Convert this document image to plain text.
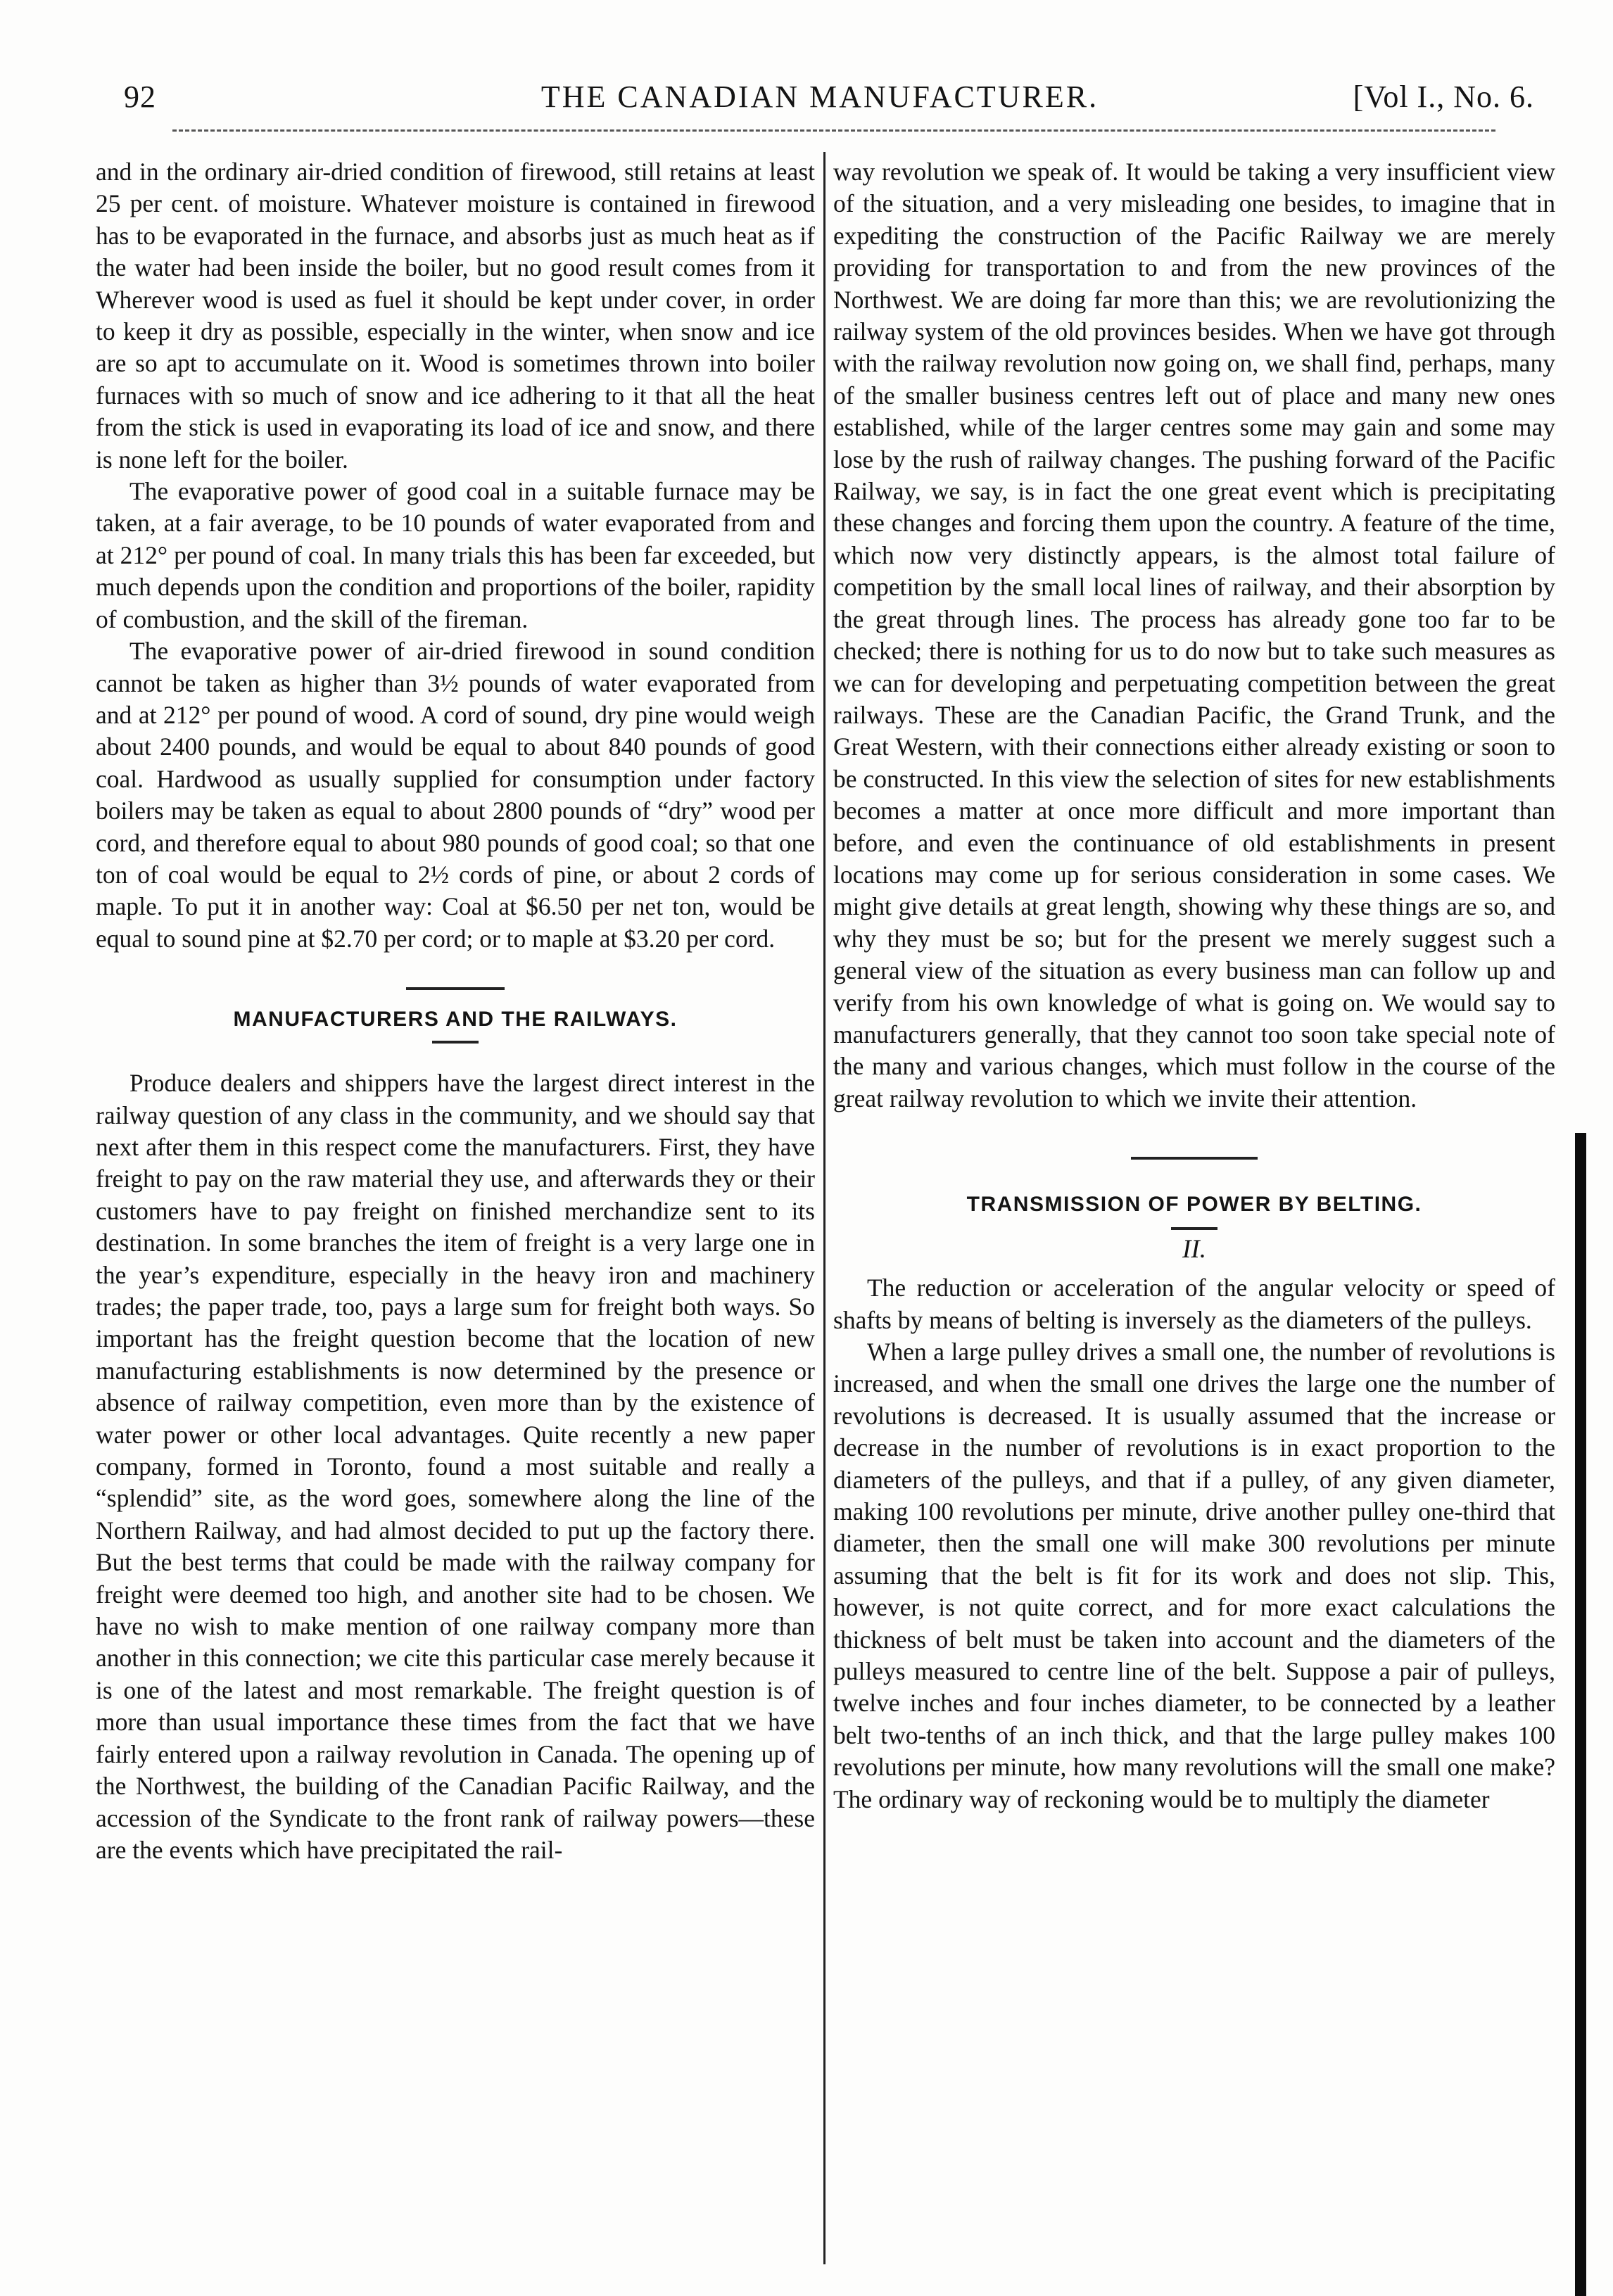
92	THE CANADIAN MANUFACTURER.	[Vol I., No. 6.

and in the ordinary air-dried condition of firewood, still retains at least 25 per cent. of moisture. Whatever moisture is contained in firewood has to be evaporated in the furnace, and absorbs just as much heat as if the water had been inside the boiler, but no good result comes from it Wherever wood is used as fuel it should be kept under cover, in order to keep it dry as possible, especially in the winter, when snow and ice are so apt to accumulate on it. Wood is sometimes thrown into boiler furnaces with so much of snow and ice adhering to it that all the heat from the stick is used in evaporating its load of ice and snow, and there is none left for the boiler.

The evaporative power of good coal in a suitable furnace may be taken, at a fair average, to be 10 pounds of water evaporated from and at 212° per pound of coal. In many trials this has been far exceeded, but much depends upon the condition and proportions of the boiler, rapidity of combustion, and the skill of the fireman.

The evaporative power of air-dried firewood in sound condition cannot be taken as higher than 3½ pounds of water evaporated from and at 212° per pound of wood. A cord of sound, dry pine would weigh about 2400 pounds, and would be equal to about 840 pounds of good coal. Hardwood as usually supplied for consumption under factory boilers may be taken as equal to about 2800 pounds of “dry” wood per cord, and therefore equal to about 980 pounds of good coal; so that one ton of coal would be equal to 2½ cords of pine, or about 2 cords of maple. To put it in another way: Coal at $6.50 per net ton, would be equal to sound pine at $2.70 per cord; or to maple at $3.20 per cord.

MANUFACTURERS AND THE RAILWAYS.

Produce dealers and shippers have the largest direct interest in the railway question of any class in the community, and we should say that next after them in this respect come the manufacturers. First, they have freight to pay on the raw material they use, and afterwards they or their customers have to pay freight on finished merchandize sent to its destination. In some branches the item of freight is a very large one in the year’s expenditure, especially in the heavy iron and machinery trades; the paper trade, too, pays a large sum for freight both ways. So important has the freight question become that the location of new manufacturing establishments is now determined by the presence or absence of railway competition, even more than by the existence of water power or other local advantages. Quite recently a new paper company, formed in Toronto, found a most suitable and really a “splendid” site, as the word goes, somewhere along the line of the Northern Railway, and had almost decided to put up the factory there. But the best terms that could be made with the railway company for freight were deemed too high, and another site had to be chosen. We have no wish to make mention of one railway company more than another in this connection; we cite this particular case merely because it is one of the latest and most remarkable. The freight question is of more than usual importance these times from the fact that we have fairly entered upon a railway revolution in Canada. The opening up of the Northwest, the building of the Canadian Pacific Railway, and the accession of the Syndicate to the front rank of railway powers—these are the events which have precipitated the rail-

way revolution we speak of. It would be taking a very insufficient view of the situation, and a very misleading one besides, to imagine that in expediting the construction of the Pacific Railway we are merely providing for transportation to and from the new provinces of the Northwest. We are doing far more than this; we are revolutionizing the railway system of the old provinces besides. When we have got through with the railway revolution now going on, we shall find, perhaps, many of the smaller business centres left out of place and many new ones established, while of the larger centres some may gain and some may lose by the rush of railway changes. The pushing forward of the Pacific Railway, we say, is in fact the one great event which is precipitating these changes and forcing them upon the country. A feature of the time, which now very distinctly appears, is the almost total failure of competition by the small local lines of railway, and their absorption by the great through lines. The process has already gone too far to be checked; there is nothing for us to do now but to take such measures as we can for developing and perpetuating competition between the great railways. These are the Canadian Pacific, the Grand Trunk, and the Great Western, with their connections either already existing or soon to be constructed. In this view the selection of sites for new establishments becomes a matter at once more difficult and more important than before, and even the continuance of old establishments in present locations may come up for serious consideration in some cases. We might give details at great length, showing why these things are so, and why they must be so; but for the present we merely suggest such a general view of the situation as every business man can follow up and verify from his own knowledge of what is going on. We would say to manufacturers generally, that they cannot too soon take special note of the many and various changes, which must follow in the course of the great railway revolution to which we invite their attention.

TRANSMISSION OF POWER BY BELTING.
II.

The reduction or acceleration of the angular velocity or speed of shafts by means of belting is inversely as the diameters of the pulleys.

When a large pulley drives a small one, the number of revolutions is increased, and when the small one drives the large one the number of revolutions is decreased. It is usually assumed that the increase or decrease in the number of revolutions is in exact proportion to the diameters of the pulleys, and that if a pulley, of any given diameter, making 100 revolutions per minute, drive another pulley one-third that diameter, then the small one will make 300 revolutions per minute assuming that the belt is fit for its work and does not slip. This, however, is not quite correct, and for more exact calculations the thickness of belt must be taken into account and the diameters of the pulleys measured to centre line of the belt. Suppose a pair of pulleys, twelve inches and four inches diameter, to be connected by a leather belt two-tenths of an inch thick, and that the large pulley makes 100 revolutions per minute, how many revolutions will the small one make? The ordinary way of reckoning would be to multiply the diameter
